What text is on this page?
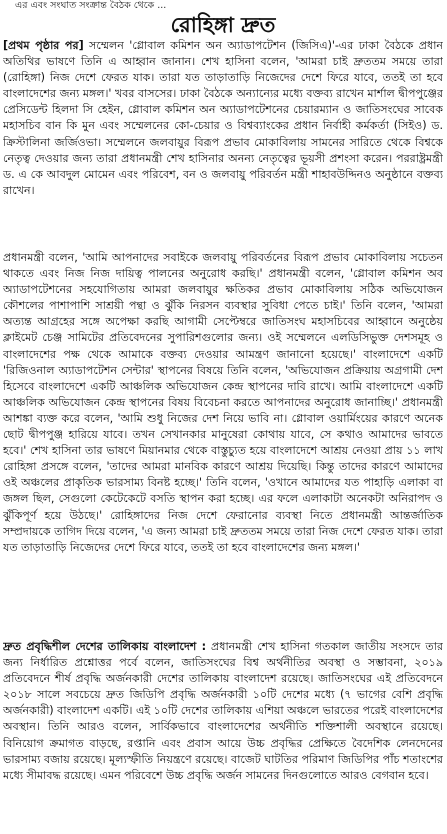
এর এবং সংঘাত সংক্রান্ত বৈঠক থেকে ...
রোহিঙ্গা দ্রুত

[প্রথম পৃষ্ঠার পর] সম্মেলন 'গ্লোবাল কমিশন অন অ্যাডাপটেশন (জিসিএ)'-এর ঢাকা বৈঠকে প্রধান অতিথির ভাষণে তিনি এ আহ্বান জানান। শেখ হাসিনা বলেন, 'আমরা চাই দ্রুততম সময়ে তারা (রোহিঙ্গা) নিজ দেশে ফেরত যাক। তারা যত তাড়াতাড়ি নিজেদের দেশে ফিরে যাবে, ততই তা হবে বাংলাদেশের জন্য মঙ্গল।' খবর বাসসের। ঢাকা বৈঠকে অন্যান্যের মধ্যে বক্তব্য রাখেন মার্শাল দ্বীপপুঞ্জের প্রেসিডেন্ট হিলদা সি হেইন, গ্লোবাল কমিশন অন অ্যাডাপটেশনের চেয়ারম্যান ও জাতিসংঘের সাবেক মহাসচিব বান কি মুন এবং সম্মেলনের কো-চেয়ার ও বিশ্বব্যাংকের প্রধান নির্বাহী কর্মকর্তা (সিইও) ড. ক্রিস্টালিনা জর্জিওভা। সম্মেলনে জলবায়ুর বিরূপ প্রভাব মোকাবিলায় সামনের সারিতে থেকে বিশ্বকে নেতৃত্ব দেওয়ার জন্য তারা প্রধানমন্ত্রী শেখ হাসিনার অনন্য নেতৃত্বের ভূয়সী প্রশংসা করেন। পররাষ্ট্রমন্ত্রী ড. এ কে আবদুল মোমেন এবং পরিবেশ, বন ও জলবায়ু পরিবর্তন মন্ত্রী শাহাবউদ্দিনও অনুষ্ঠানে বক্তব্য রাখেন।

প্রধানমন্ত্রী বলেন, 'আমি আপনাদের সবাইকে জলবায়ু পরিবর্তনের বিরূপ প্রভাব মোকাবিলায় সচেতন থাকতে এবং নিজ নিজ দায়িত্ব পালনের অনুরোধ করছি।' প্রধানমন্ত্রী বলেন, 'গ্লোবাল কমিশন অব অ্যাডাপটেশনের সহযোগিতায় আমরা জলবায়ুর ক্ষতিকর প্রভাব মোকাবিলায় সঠিক অভিযোজন কৌশলের পাশাপাশি সাশ্রয়ী পন্থা ও ঝুঁকি নিরসন ব্যবস্থার সুবিধা পেতে চাই।' তিনি বলেন, 'আমরা অত্যন্ত আগ্রহের সঙ্গে অপেক্ষা করছি আগামী সেপ্টেম্বরে জাতিসংঘ মহাসচিবের আহ্বানে অনুষ্ঠেয় ক্লাইমেট চেঞ্জ সামিটের প্রতিবেদনের সুপারিশগুলোর জন্য। ওই সম্মেলনে এলডিসিভুক্ত দেশসমূহ ও বাংলাদেশের পক্ষ থেকে আমাকে বক্তব্য দেওয়ার আমন্ত্রণ জানানো হয়েছে।' বাংলাদেশে একটি 'রিজিওনাল অ্যাডাপটেশন সেন্টার' স্থাপনের বিষয়ে তিনি বলেন, 'অভিযোজন প্রক্রিয়ায় অগ্রগামী দেশ হিসেবে বাংলাদেশে একটি আঞ্চলিক অভিযোজন কেন্দ্র স্থাপনের দাবি রাখে। আমি বাংলাদেশে একটি আঞ্চলিক অভিযোজন কেন্দ্র স্থাপনের বিষয় বিবেচনা করতে আপনাদের অনুরোধ জানাচ্ছি।' প্রধানমন্ত্রী আশঙ্কা ব্যক্ত করে বলেন, 'আমি শুধু নিজের দেশ নিয়ে ভাবি না। গ্লোবাল ওয়ার্মিংয়ের কারণে অনেক ছোট দ্বীপপুঞ্জ হারিয়ে যাবে। তখন সেখানকার মানুষেরা কোথায় যাবে, সে কথাও আমাদের ভাবতে হবে।' শেখ হাসিনা তার ভাষণে মিয়ানমার থেকে বাস্তুচ্যুত হয়ে বাংলাদেশে আশ্রয় নেওয়া প্রায় ১১ লাখ রোহিঙ্গা প্রসঙ্গে বলেন, 'তাদের আমরা মানবিক কারণে আশ্রয় দিয়েছি। কিন্তু তাদের কারণে আমাদের ওই অঞ্চলের প্রাকৃতিক ভারসাম্য বিনষ্ট হচ্ছে।' তিনি বলেন, 'ওখানে আমাদের যত পাহাড়ি এলাকা বা জঙ্গল ছিল, সেগুলো কেটেকেটে বসতি স্থাপন করা হচ্ছে। এর ফলে এলাকাটা অনেকটা অনিরাপদ ও ঝুঁকিপূর্ণ হয়ে উঠছে।' রোহিঙ্গাদের নিজ দেশে ফেরানোর ব্যবস্থা নিতে প্রধানমন্ত্রী আন্তর্জাতিক সম্প্রদায়কে তাগিদ দিয়ে বলেন, 'এ জন্য আমরা চাই দ্রুততম সময়ে তারা নিজ দেশে ফেরত যাক। তারা যত তাড়াতাড়ি নিজেদের দেশে ফিরে যাবে, ততই তা হবে বাংলাদেশের জন্য মঙ্গল।'

দ্রুত প্রবৃদ্ধিশীল দেশের তালিকায় বাংলাদেশ : প্রধানমন্ত্রী শেখ হাসিনা গতকাল জাতীয় সংসদে তার জন্য নির্ধারিত প্রশ্নোত্তর পর্বে বলেন, জাতিসংঘের বিশ্ব অর্থনীতির অবস্থা ও সম্ভাবনা, ২০১৯ প্রতিবেদনে শীর্ষ প্রবৃদ্ধি অর্জনকারী দেশের তালিকায় বাংলাদেশ রয়েছে। জাতিসংঘের এই প্রতিবেদনে ২০১৮ সালে সবচেয়ে দ্রুত জিডিপি প্রবৃদ্ধি অর্জনকারী ১০টি দেশের মধ্যে (৭ ভাগের বেশি প্রবৃদ্ধি অর্জনকারী) বাংলাদেশ একটি। এই ১০টি দেশের তালিকায় এশিয়া অঞ্চলে ভারতের পরেই বাংলাদেশের অবস্থান। তিনি আরও বলেন, সার্বিকভাবে বাংলাদেশের অর্থনীতি শক্তিশালী অবস্থানে রয়েছে। বিনিয়োগ ক্রমাগত বাড়ছে, রপ্তানি এবং প্রবাস আয়ে উচ্চ প্রবৃদ্ধির প্রেক্ষিতে বৈদেশিক লেনদেনের ভারসাম্য বজায় রয়েছে। মূল্যস্ফীতি নিয়ন্ত্রণে রয়েছে। বাজেট ঘাটতির পরিমাণ জিডিপির পাঁচ শতাংশের মধ্যে সীমাবদ্ধ রয়েছে। এমন পরিবেশে উচ্চ প্রবৃদ্ধি অর্জন সামনের দিনগুলোতে আরও বেগবান হবে।
